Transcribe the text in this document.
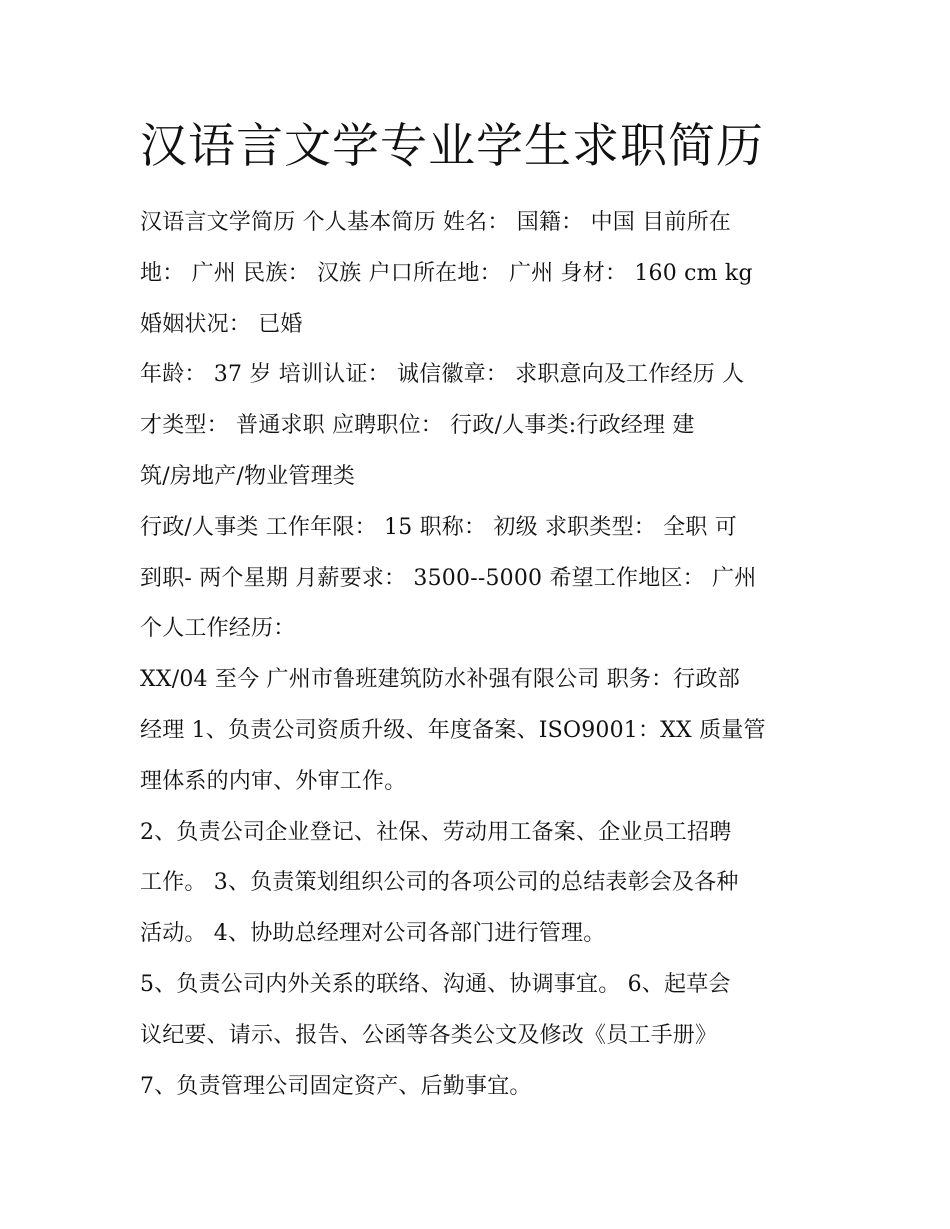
汉语言文学专业学生求职简历
汉语言文学简历 个人基本简历 姓名： 国籍： 中国 目前所在
地： 广州 民族： 汉族 户口所在地： 广州 身材： 160 cm kg
婚姻状况： 已婚
年龄： 37 岁 培训认证： 诚信徽章： 求职意向及工作经历 人
才类型： 普通求职 应聘职位： 行政/人事类:行政经理 建
筑/房地产/物业管理类
行政/人事类 工作年限： 15 职称： 初级 求职类型： 全职 可
到职- 两个星期 月薪要求： 3500--5000 希望工作地区： 广州
个人工作经历：
XX/04 至今 广州市鲁班建筑防水补强有限公司 职务：行政部
经理 1、负责公司资质升级、年度备案、ISO9001：XX 质量管
理体系的内审、外审工作。
2、负责公司企业登记、社保、劳动用工备案、企业员工招聘
工作。 3、负责策划组织公司的各项公司的总结表彰会及各种
活动。 4、协助总经理对公司各部门进行管理。
5、负责公司内外关系的联络、沟通、协调事宜。 6、起草会
议纪要、请示、报告、公函等各类公文及修改《员工手册》
7、负责管理公司固定资产、后勤事宜。
